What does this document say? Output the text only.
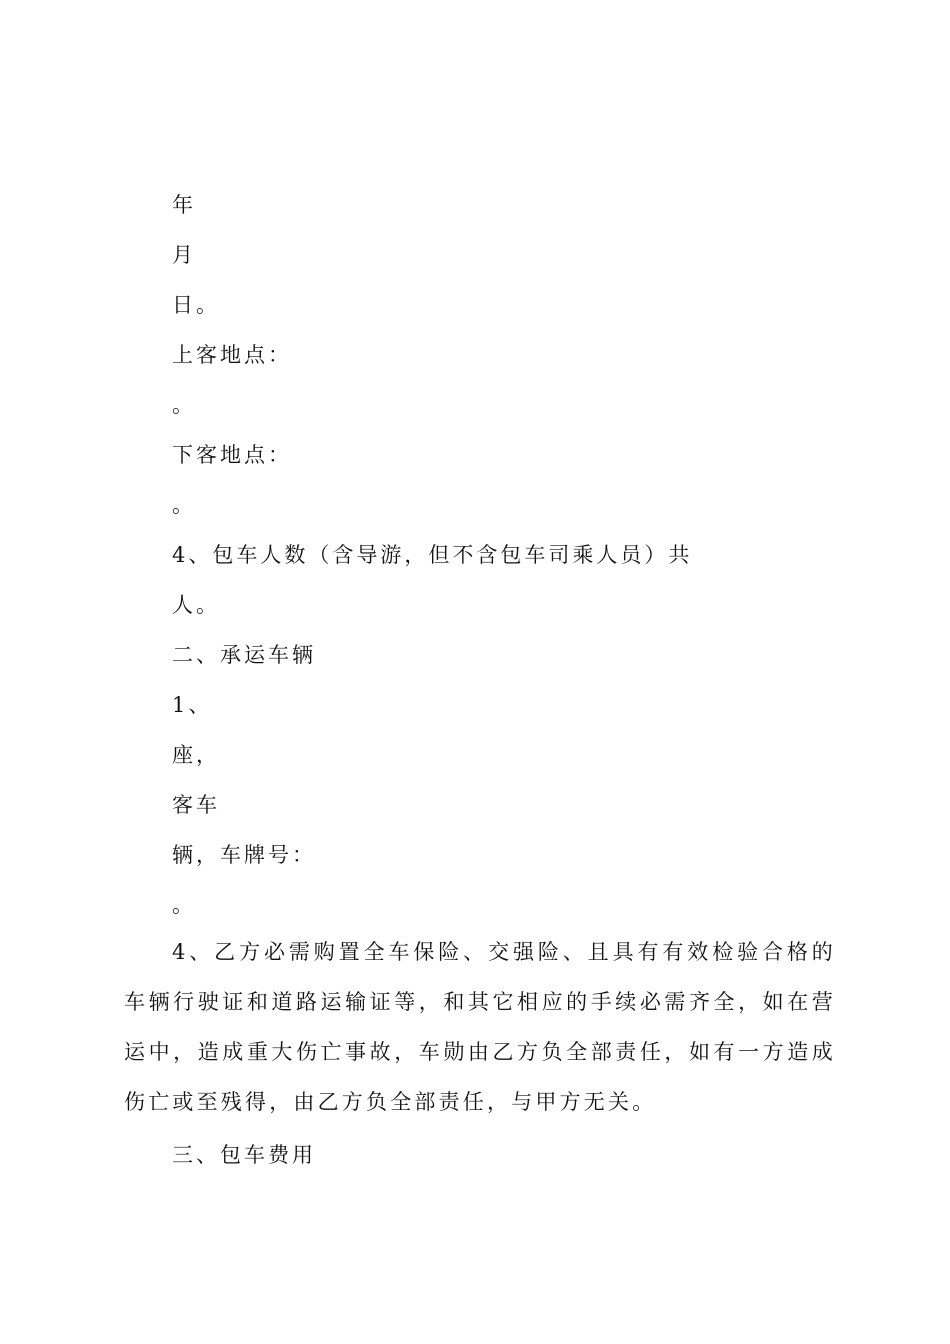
年
月
日。
上客地点：
。
下客地点：
。
4、包车人数（含导游，但不含包车司乘人员）共
人。
二、承运车辆
1、
座，
客车
辆，车牌号：
。

4、乙方必需购置全车保险、交强险、且具有有效检验合格的车辆行驶证和道路运输证等，和其它相应的手续必需齐全，如在营运中，造成重大伤亡事故，车勋由乙方负全部责任，如有一方造成伤亡或至残得，由乙方负全部责任，与甲方无关。

三、包车费用
